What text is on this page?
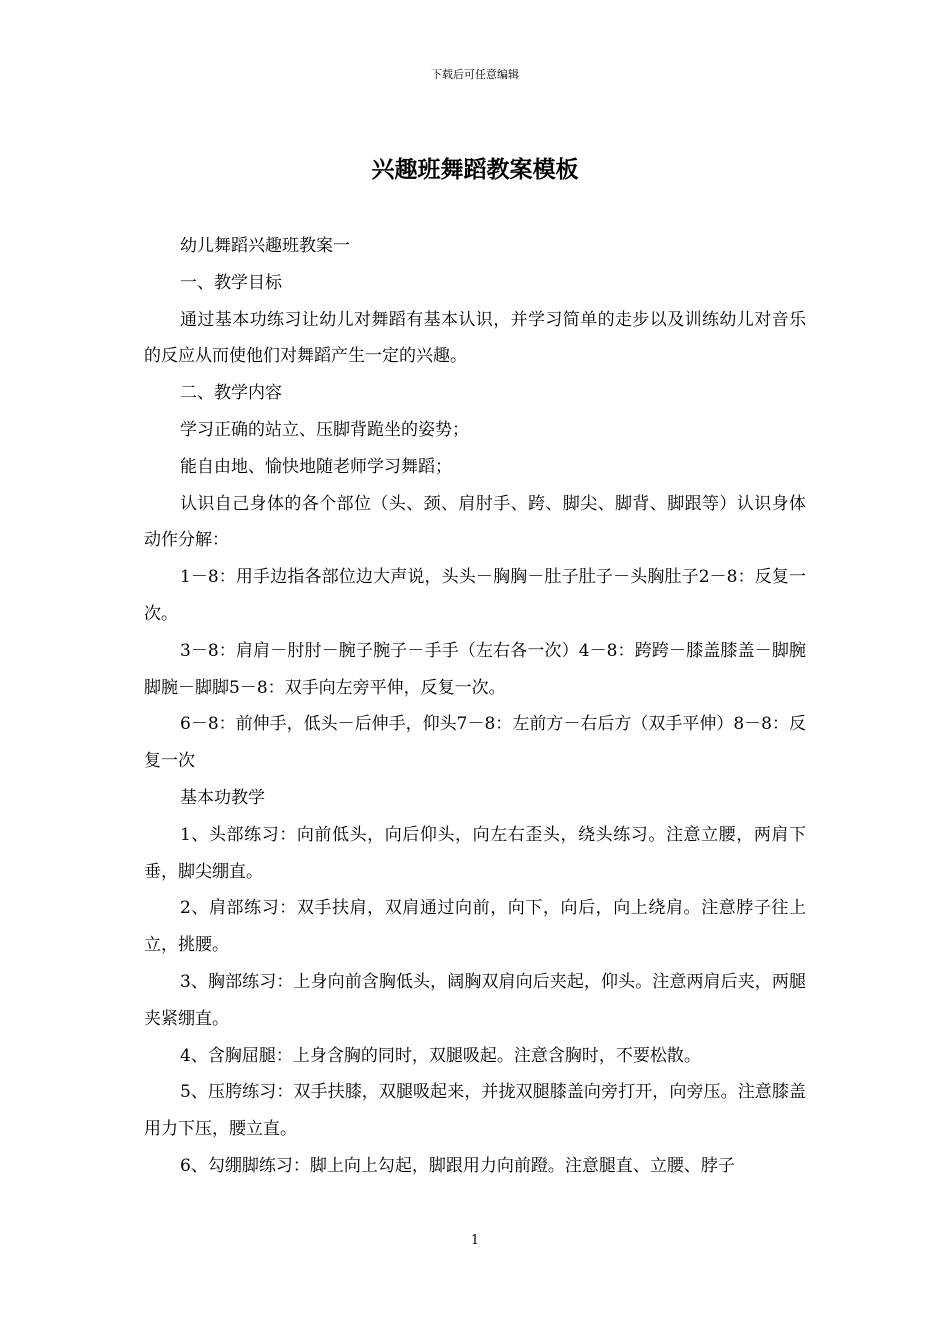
下载后可任意编辑
兴趣班舞蹈教案模板

幼儿舞蹈兴趣班教案一

一、教学目标

通过基本功练习让幼儿对舞蹈有基本认识，并学习简单的走步以及训练幼儿对音乐的反应从而使他们对舞蹈产生一定的兴趣。

二、教学内容

学习正确的站立、压脚背跪坐的姿势；

能自由地、愉快地随老师学习舞蹈；

认识自己身体的各个部位（头、颈、肩肘手、跨、脚尖、脚背、脚跟等）认识身体动作分解：

1－8：用手边指各部位边大声说，头头－胸胸－肚子肚子－头胸肚子2－8：反复一次。

3－8：肩肩－肘肘－腕子腕子－手手（左右各一次）4－8：跨跨－膝盖膝盖－脚腕脚腕－脚脚5－8：双手向左旁平伸，反复一次。

6－8：前伸手，低头－后伸手，仰头7－8：左前方－右后方（双手平伸）8－8：反复一次

基本功教学

1、头部练习：向前低头，向后仰头，向左右歪头，绕头练习。注意立腰，两肩下垂，脚尖绷直。

2、肩部练习：双手扶肩，双肩通过向前，向下，向后，向上绕肩。注意脖子往上立，挑腰。

3、胸部练习：上身向前含胸低头，阔胸双肩向后夹起，仰头。注意两肩后夹，两腿夹紧绷直。

4、含胸屈腿：上身含胸的同时，双腿吸起。注意含胸时，不要松散。

5、压胯练习：双手扶膝，双腿吸起来，并拢双腿膝盖向旁打开，向旁压。注意膝盖用力下压，腰立直。

6、勾绷脚练习：脚上向上勾起，脚跟用力向前蹬。注意腿直、立腰、脖子

1
